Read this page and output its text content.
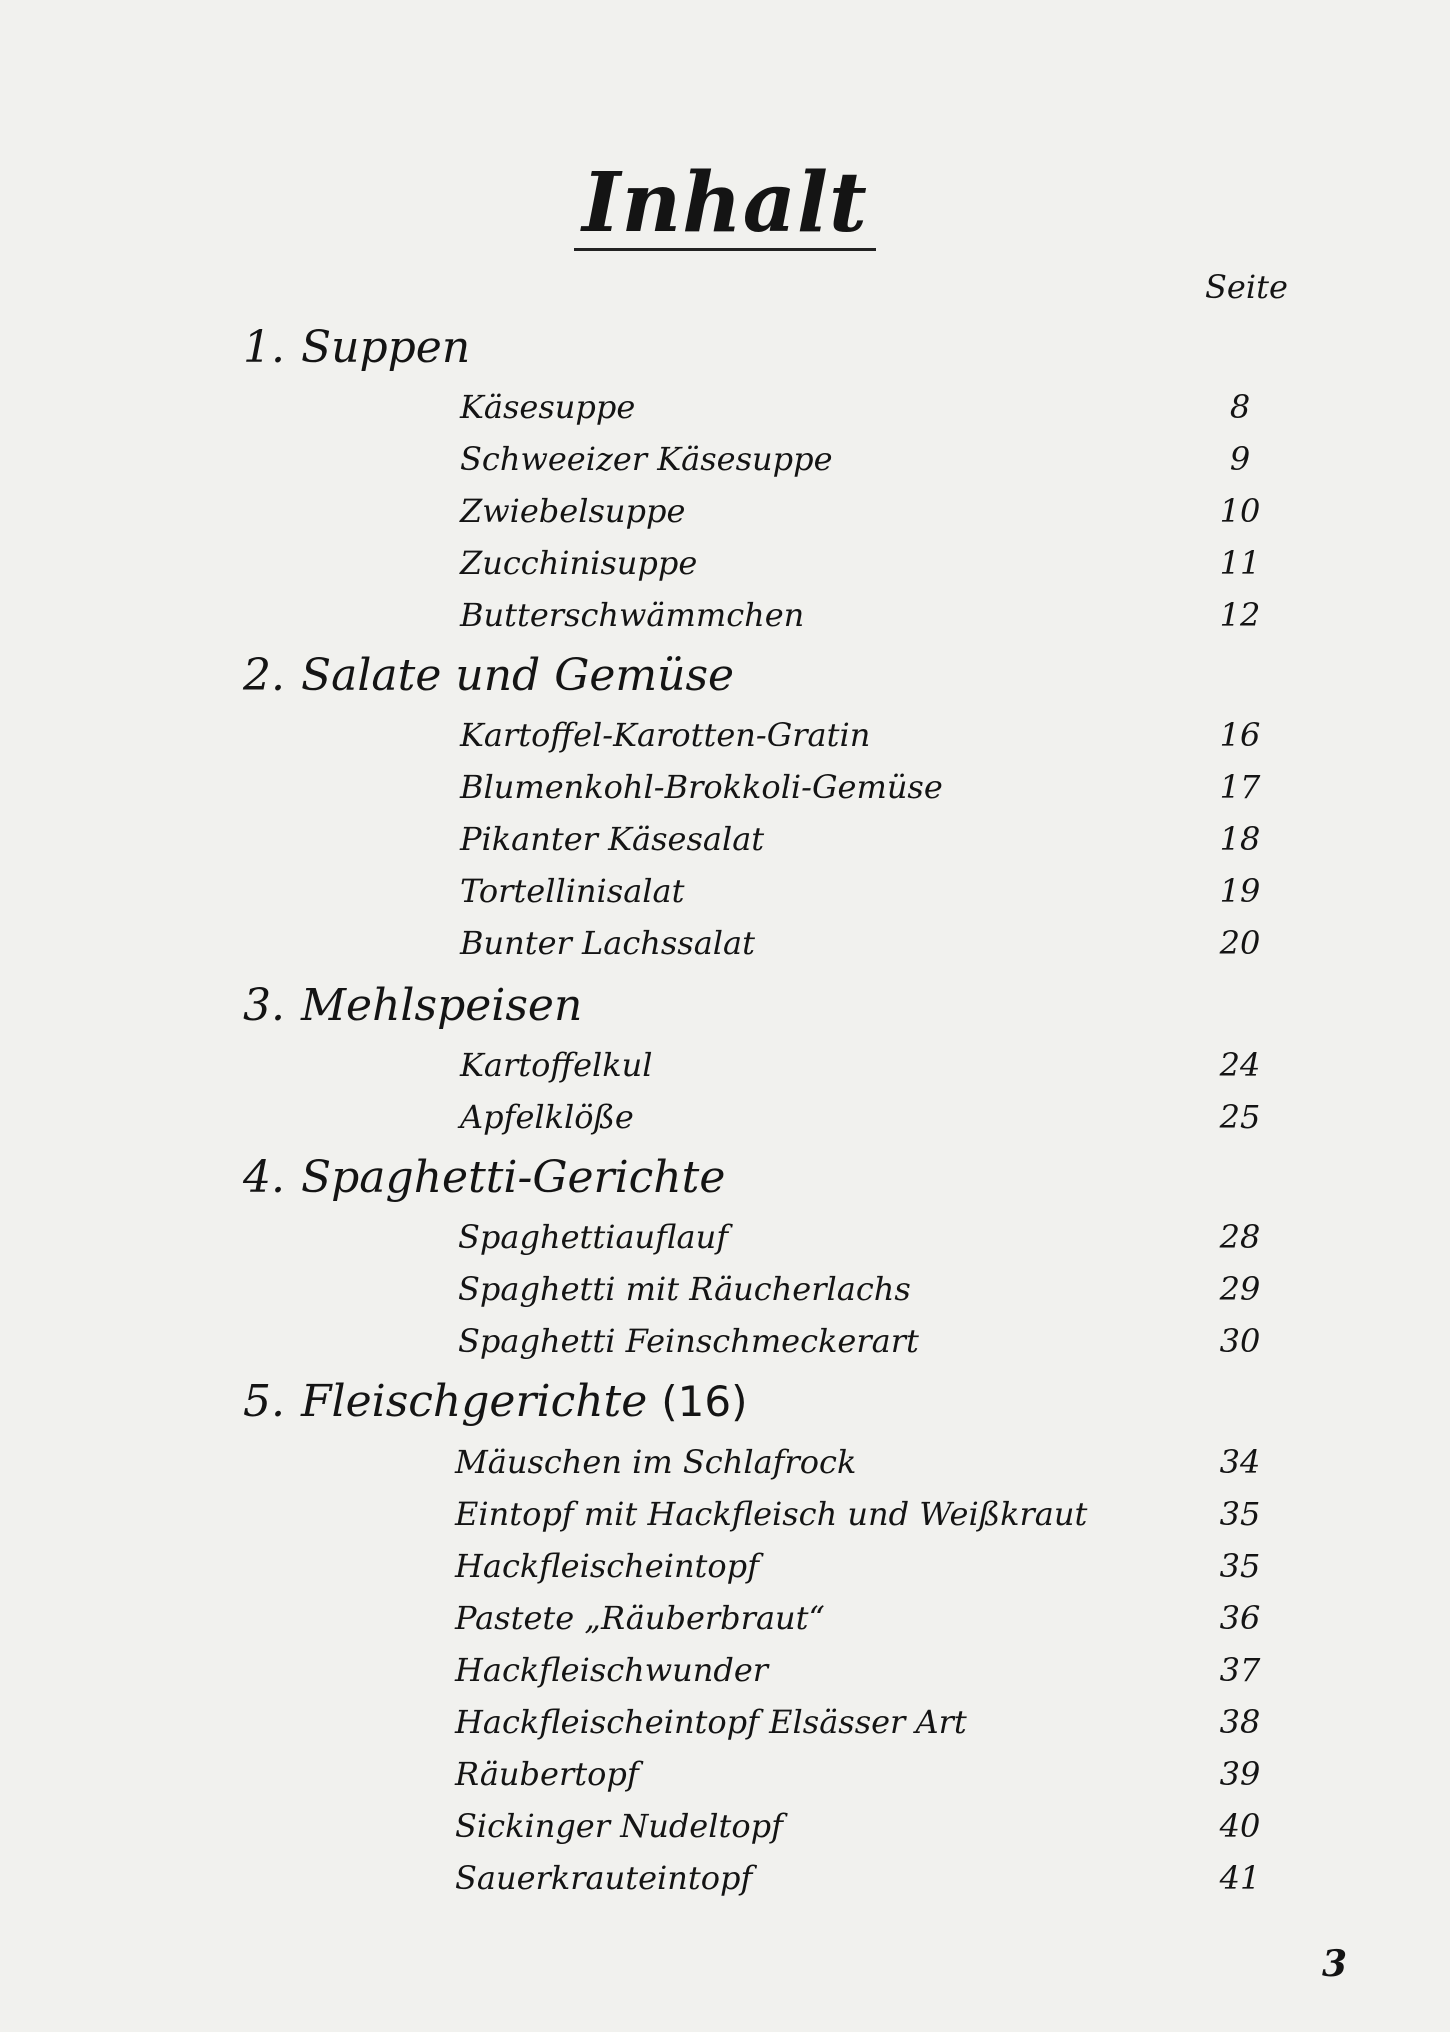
Inhalt
Seite
1. Suppen
Käsesuppe	8
Schweeizer Käsesuppe	9
Zwiebelsuppe	10
Zucchinisuppe	11
Butterschwämmchen	12
2. Salate und Gemüse
Kartoffel-Karotten-Gratin	16
Blumenkohl-Brokkoli-Gemüse	17
Pikanter Käsesalat	18
Tortellinisalat	19
Bunter Lachssalat	20
3. Mehlspeisen
Kartoffelkul	24
Apfelklöße	25
4. Spaghetti-Gerichte
Spaghettiauflauf	28
Spaghetti mit Räucherlachs	29
Spaghetti Feinschmeckerart	30
5. Fleischgerichte (16)
Mäuschen im Schlafrock	34
Eintopf mit Hackfleisch und Weißkraut	35
Hackfleischeintopf	35
Pastete „Räuberbraut“	36
Hackfleischwunder	37
Hackfleischeintopf Elsässer Art	38
Räubertopf	39
Sickinger Nudeltopf	40
Sauerkrauteintopf	41
3
